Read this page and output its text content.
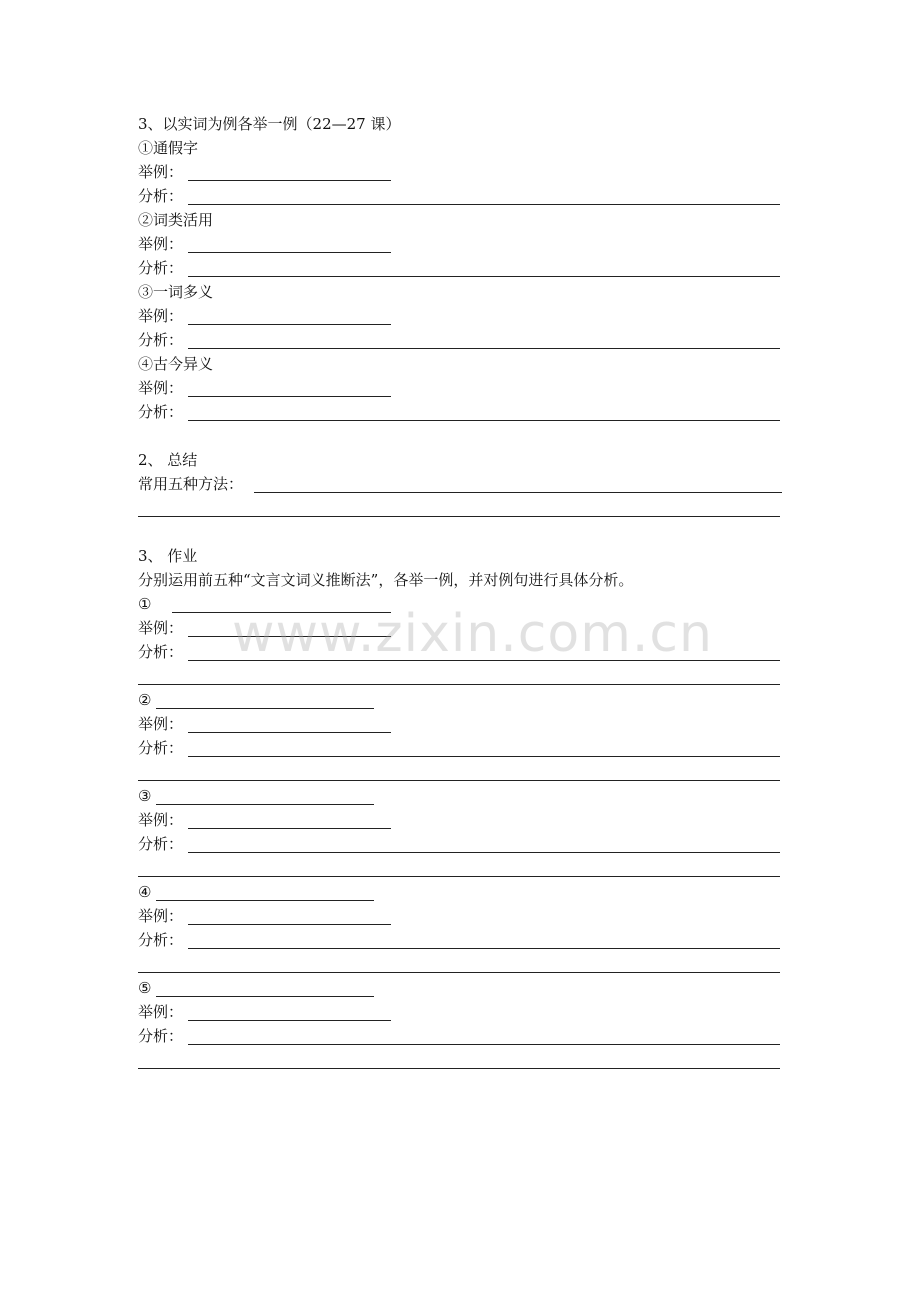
3、以实词为例各举一例（22—27 课）
①通假字
举例：
分析：
②词类活用
举例：
分析：
③一词多义
举例：
分析：
④古今异义
举例：
分析：
2、 总结
常用五种方法：
3、 作业
分别运用前五种“文言文词义推断法”，各举一例，并对例句进行具体分析。
①
举例：
分析：
②
举例：
分析：
③
举例：
分析：
④
举例：
分析：
⑤
举例：
分析：
www.zixin.com.cn
